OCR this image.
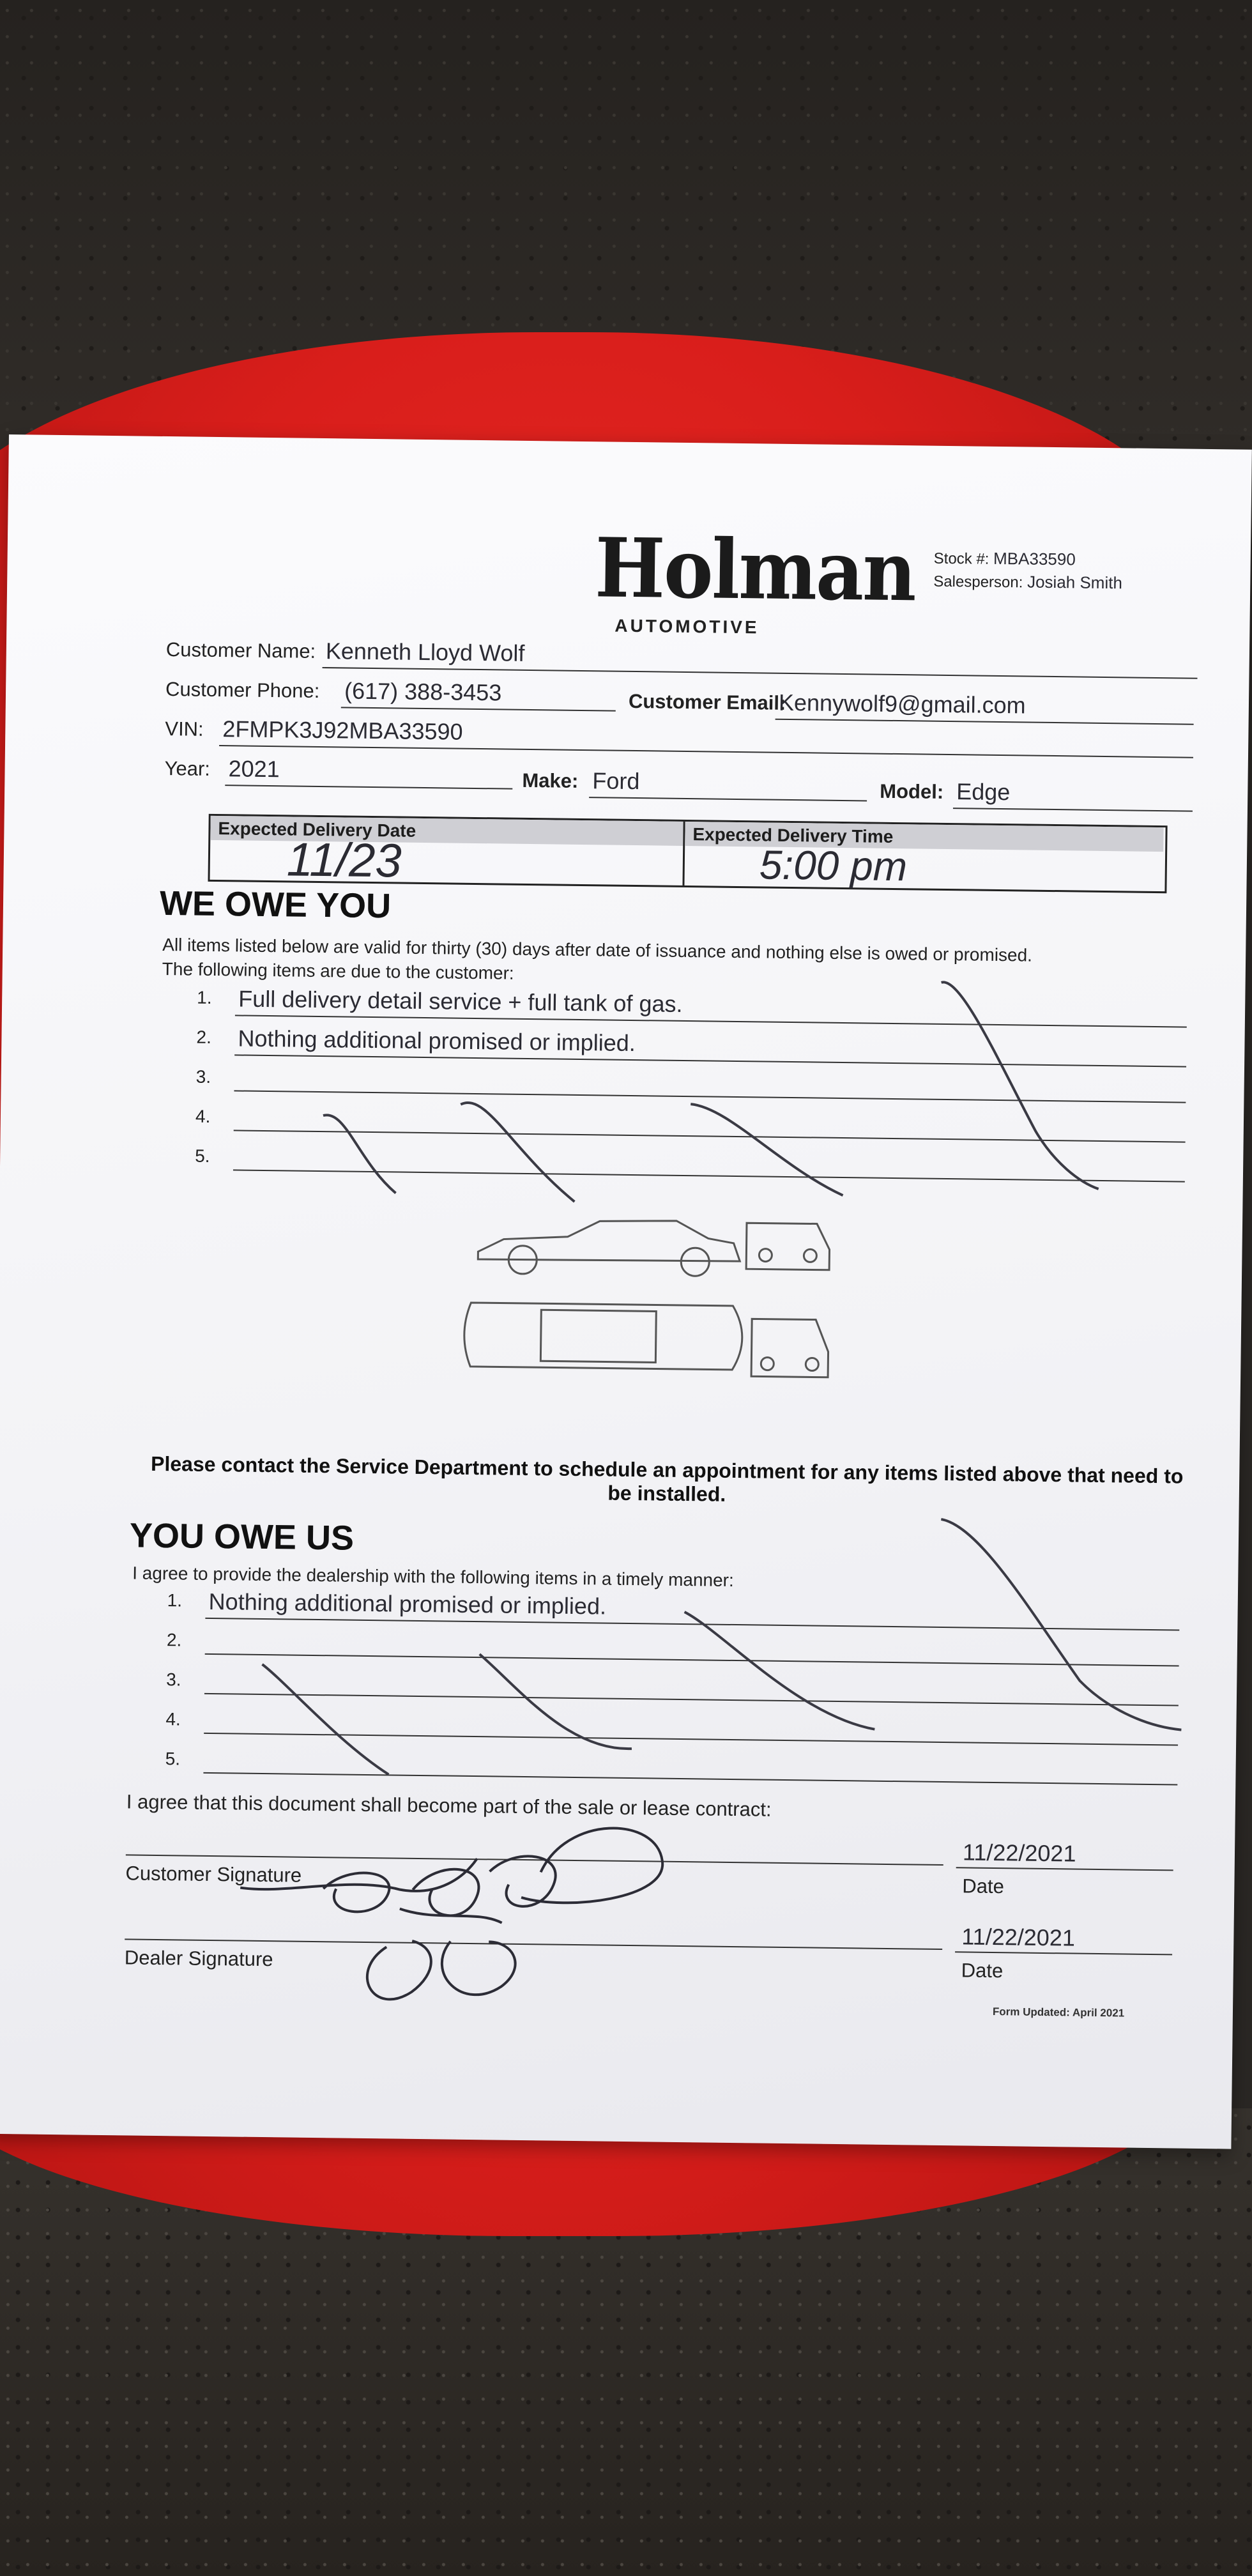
Holman
AUTOMOTIVE
Stock #: MBA33590
Salesperson: Josiah Smith
Customer Name: Kenneth Lloyd Wolf
Customer Phone: (617) 388-3453	Customer Email:
Kennywolf9@gmail.com
VIN: 2FMPK3J92MBA33590
Year: 2021	Make: Ford	Model: Edge
Expected Delivery Date	Expected Delivery Time
11/23	5:00 pm
WE OWE YOU
All items listed below are valid for thirty (30) days after date of issuance and nothing else is owed or promised.
The following items are due to the customer:
1. Full delivery detail service + full tank of gas.
2. Nothing additional promised or implied.
3.
4.
5.
Please contact the Service Department to schedule an appointment for any items listed above that need to be installed.
YOU OWE US
I agree to provide the dealership with the following items in a timely manner:
1. Nothing additional promised or implied.
2.
3.
4.
5.
I agree that this document shall become part of the sale or lease contract:
Customer Signature
11/22/2021
Date
Dealer Signature
11/22/2021
Date
Form Updated: April 2021
